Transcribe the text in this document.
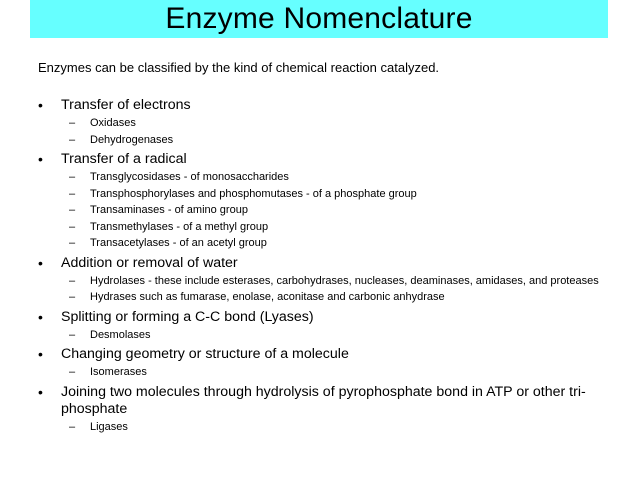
Enzyme Nomenclature
Enzymes can be classified by the kind of chemical reaction catalyzed.
• Transfer of electrons
– Oxidases
– Dehydrogenases
• Transfer of a radical
– Transglycosidases - of monosaccharides
– Transphosphorylases and phosphomutases - of a phosphate group
– Transaminases - of amino group
– Transmethylases - of a methyl group
– Transacetylases - of an acetyl group
• Addition or removal of water
– Hydrolases - these include esterases, carbohydrases, nucleases, deaminases, amidases, and proteases
– Hydrases such as fumarase, enolase, aconitase and carbonic anhydrase
• Splitting or forming a C-C bond (Lyases)
– Desmolases
• Changing geometry or structure of a molecule
– Isomerases
• Joining two molecules through hydrolysis of pyrophosphate bond in ATP or other tri-phosphate
– Ligases
